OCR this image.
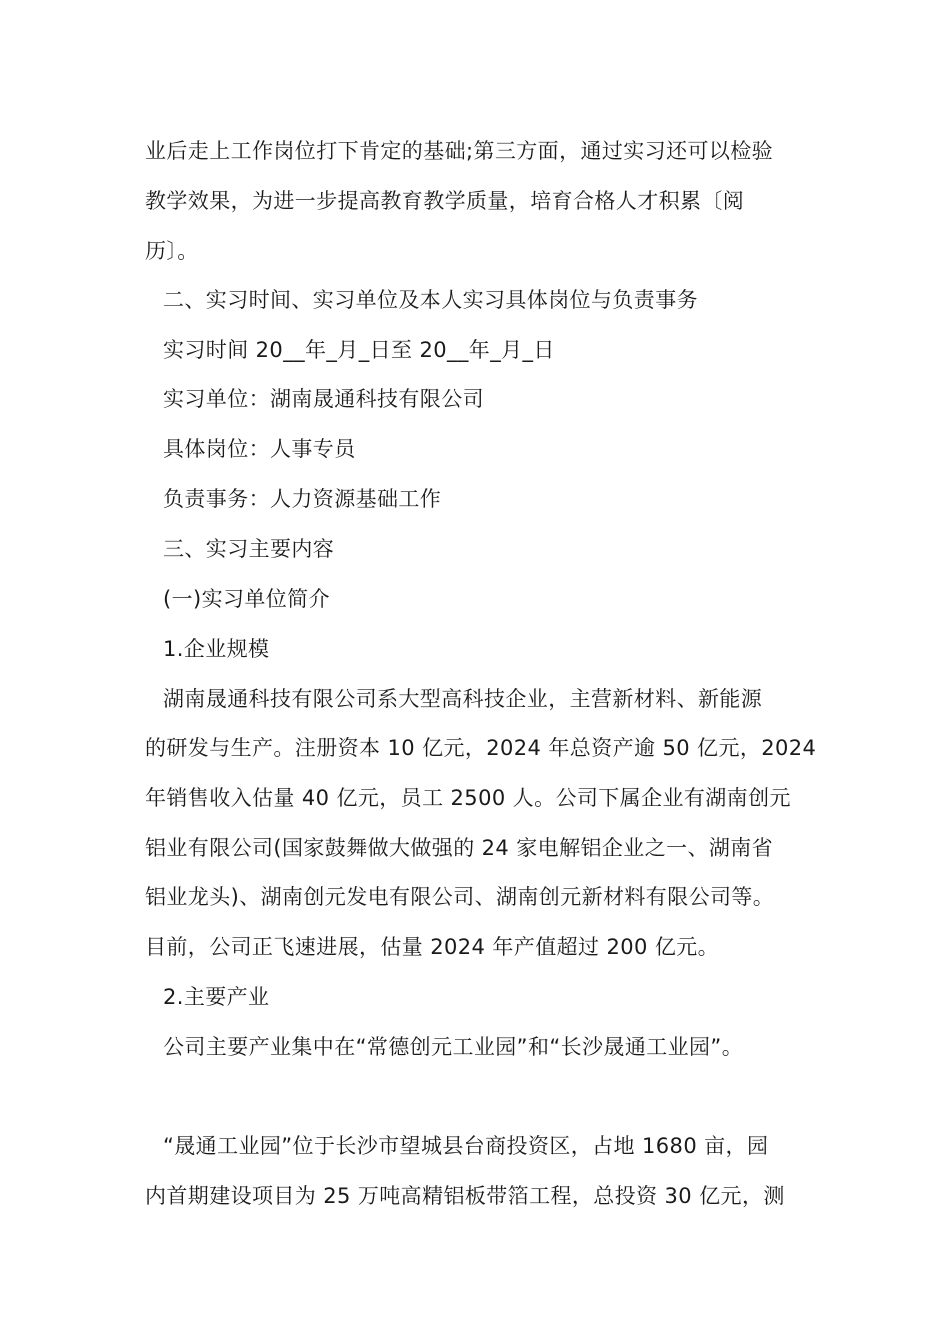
业后走上工作岗位打下肯定的基础;第三方面，通过实习还可以检验
教学效果，为进一步提高教育教学质量，培育合格人才积累〔阅
历〕。
二、实习时间、实习单位及本人实习具体岗位与负责事务
实习时间 20__年_月_日至 20__年_月_日
实习单位：湖南晟通科技有限公司
具体岗位：人事专员
负责事务：人力资源基础工作
三、实习主要内容
(一)实习单位简介
1.企业规模
湖南晟通科技有限公司系大型高科技企业，主营新材料、新能源
的研发与生产。注册资本 10 亿元，2024 年总资产逾 50 亿元，2024
年销售收入估量 40 亿元，员工 2500 人。公司下属企业有湖南创元
铝业有限公司(国家鼓舞做大做强的 24 家电解铝企业之一、湖南省
铝业龙头)、湖南创元发电有限公司、湖南创元新材料有限公司等。
目前，公司正飞速进展，估量 2024 年产值超过 200 亿元。
2.主要产业
公司主要产业集中在“常德创元工业园”和“长沙晟通工业园”。
“晟通工业园”位于长沙市望城县台商投资区，占地 1680 亩，园
内首期建设项目为 25 万吨高精铝板带箔工程，总投资 30 亿元，测
